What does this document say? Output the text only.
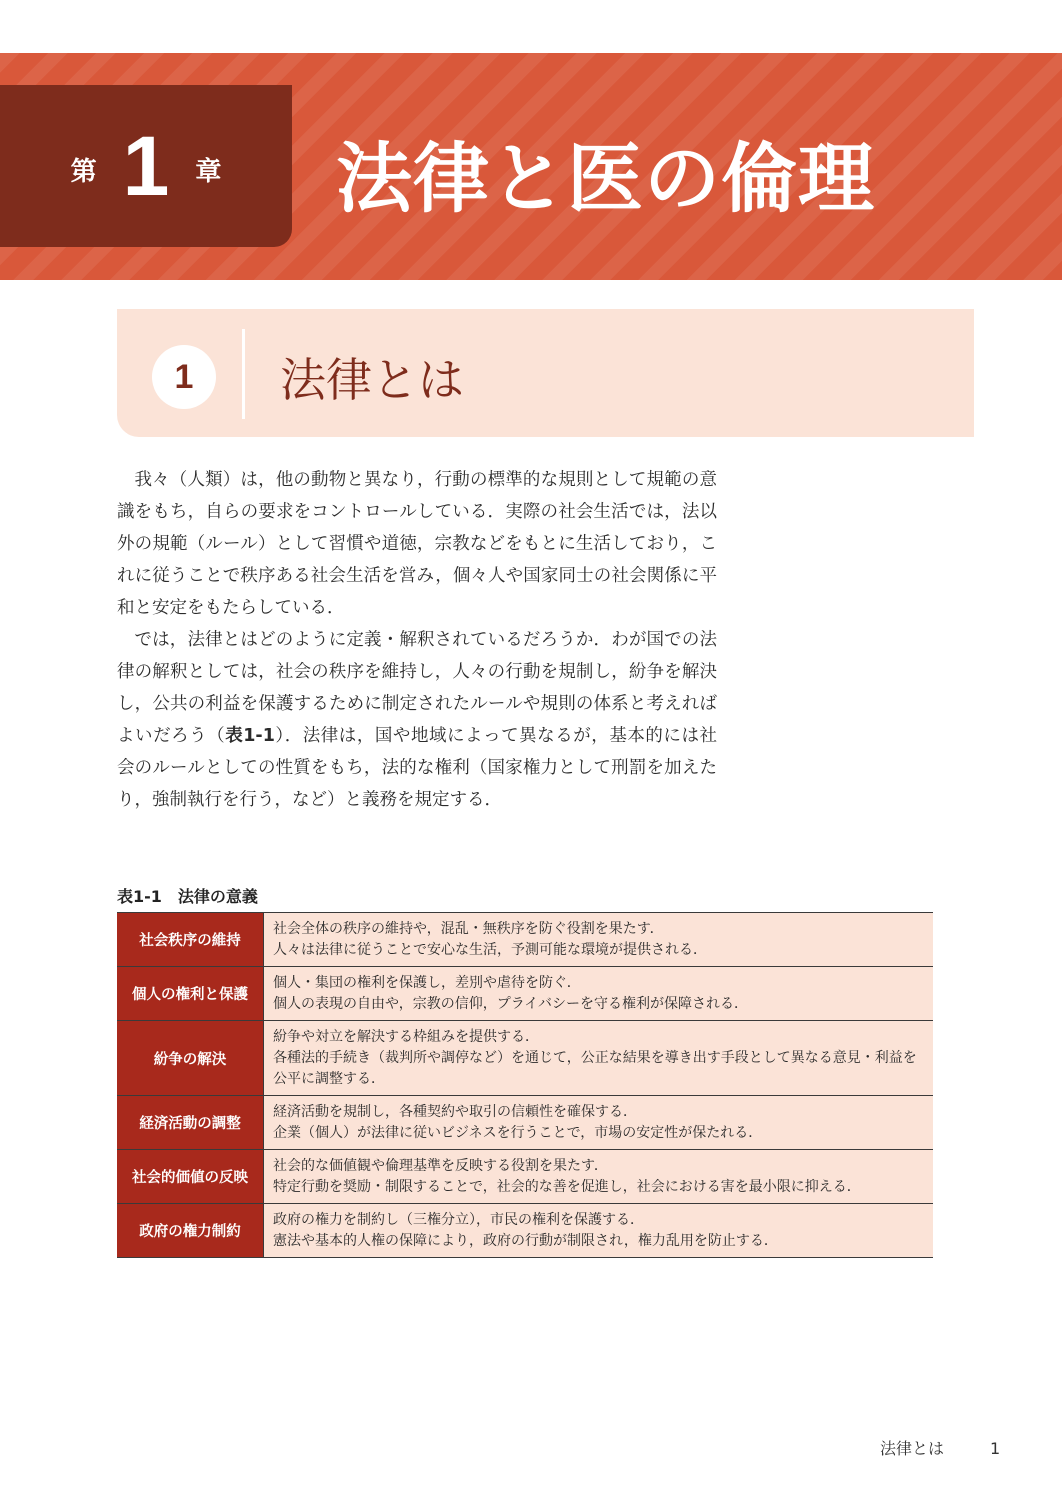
第 1 章 法律と医の倫理
1	法律とは

我々（人類）は，他の動物と異なり，行動の標準的な規則として規範の意識をもち，自らの要求をコントロールしている．実際の社会生活では，法以外の規範（ルール）として習慣や道徳，宗教などをもとに生活しており，これに従うことで秩序ある社会生活を営み，個々人や国家同士の社会関係に平和と安定をもたらしている．

では，法律とはどのように定義・解釈されているだろうか．わが国での法律の解釈としては，社会の秩序を維持し，人々の行動を規制し，紛争を解決し，公共の利益を保護するために制定されたルールや規則の体系と考えればよいだろう（表1-1）．法律は，国や地域によって異なるが，基本的には社会のルールとしての性質をもち，法的な権利（国家権力として刑罰を加えたり，強制執行を行う，など）と義務を規定する．

表1-1 法律の意義
社会秩序の維持	社会全体の秩序の維持や，混乱・無秩序を防ぐ役割を果たす．
人々は法律に従うことで安心な生活，予測可能な環境が提供される．

個人の権利と保護	個人・集団の権利を保護し，差別や虐待を防ぐ．
個人の表現の自由や，宗教の信仰，プライバシーを守る権利が保障される．

紛争の解決	紛争や対立を解決する枠組みを提供する．
各種法的手続き（裁判所や調停など）を通じて，公正な結果を導き出す手段として異なる意見・利益を公平に調整する．

経済活動の調整	経済活動を規制し，各種契約や取引の信頼性を確保する．
企業（個人）が法律に従いビジネスを行うことで，市場の安定性が保たれる．

社会的価値の反映	社会的な価値観や倫理基準を反映する役割を果たす．
特定行動を奨励・制限することで，社会的な善を促進し，社会における害を最小限に抑える．

政府の権力制約	政府の権力を制約し（三権分立），市民の権利を保護する．
憲法や基本的人権の保障により，政府の行動が制限され，権力乱用を防止する．
法律とは	1
